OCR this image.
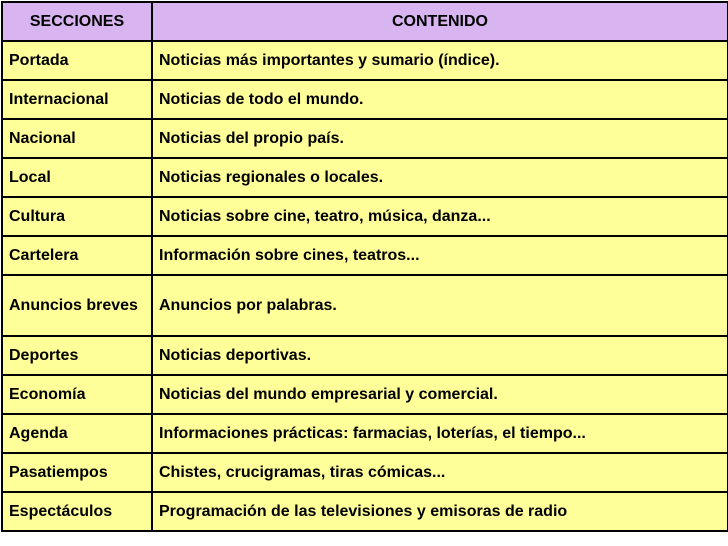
SECCIONES	CONTENIDO
Portada	Noticias más importantes y sumario (índice).
Internacional	Noticias de todo el mundo.
Nacional	Noticias del propio país.
Local	Noticias regionales o locales.
Cultura	Noticias sobre cine, teatro, música, danza...
Cartelera	Información sobre cines, teatros...
Anuncios breves	Anuncios por palabras.
Deportes	Noticias deportivas.
Economía	Noticias del mundo empresarial y comercial.
Agenda	Informaciones prácticas: farmacias, loterías, el tiempo...
Pasatiempos	Chistes, crucigramas, tiras cómicas...
Espectáculos	Programación de las televisiones y emisoras de radio
